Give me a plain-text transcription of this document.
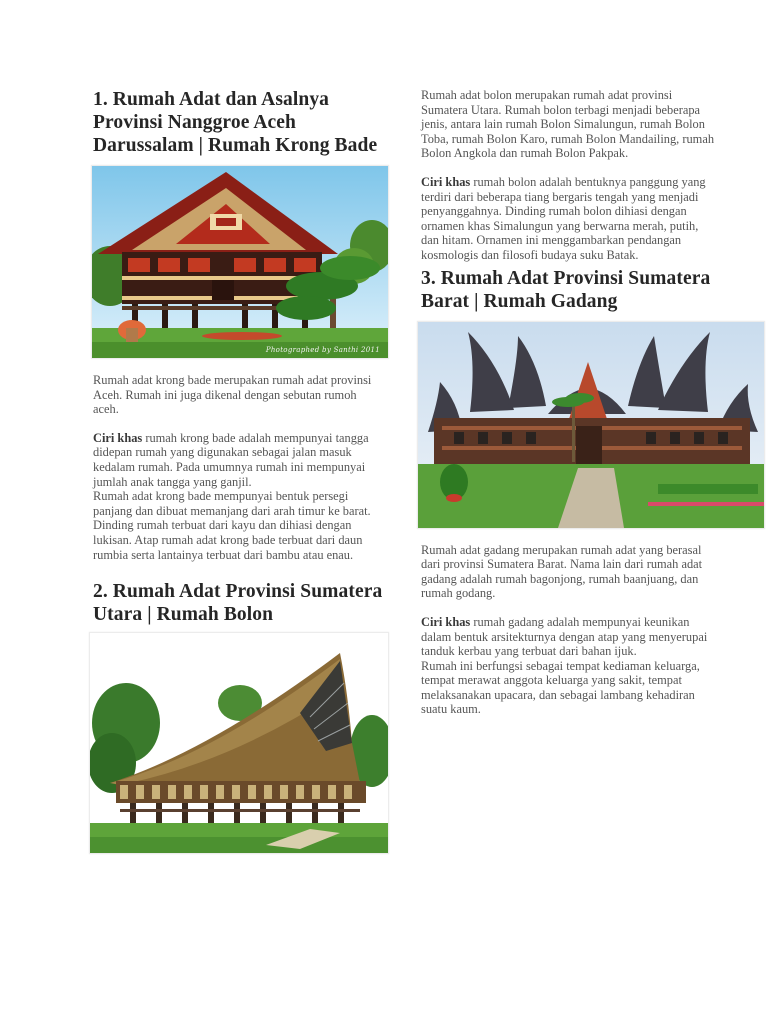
1. Rumah Adat dan Asalnya Provinsi Nanggroe Aceh Darussalam | Rumah Krong Bade
Photographed by Santhi 2011

Rumah adat krong bade merupakan rumah adat provinsi Aceh. Rumah ini juga dikenal dengan sebutan rumoh aceh.

Ciri khas rumah krong bade adalah mempunyai tangga didepan rumah yang digunakan sebagai jalan masuk kedalam rumah. Pada umumnya rumah ini mempunyai jumlah anak tangga yang ganjil.

Rumah adat krong bade mempunyai bentuk persegi panjang dan dibuat memanjang dari arah timur ke barat. Dinding rumah terbuat dari kayu dan dihiasi dengan lukisan. Atap rumah adat krong bade terbuat dari daun rumbia serta lantainya terbuat dari bambu atau enau.

2. Rumah Adat Provinsi Sumatera Utara | Rumah Bolon

Rumah adat bolon merupakan rumah adat provinsi Sumatera Utara. Rumah bolon terbagi menjadi beberapa jenis, antara lain rumah Bolon Simalungun, rumah Bolon Toba, rumah Bolon Karo, rumah Bolon Mandailing, rumah Bolon Angkola dan rumah Bolon Pakpak.

Ciri khas rumah bolon adalah bentuknya panggung yang terdiri dari beberapa tiang bergaris tengah yang menjadi penyanggahnya. Dinding rumah bolon dihiasi dengan ornamen khas Simalungun yang berwarna merah, putih, dan hitam. Ornamen ini menggambarkan pendangan kosmologis dan filosofi budaya suku Batak.

3. Rumah Adat Provinsi Sumatera Barat | Rumah Gadang

Rumah adat gadang merupakan rumah adat yang berasal dari provinsi Sumatera Barat. Nama lain dari rumah adat gadang adalah rumah bagonjong, rumah baanjuang, dan rumah godang.

Ciri khas rumah gadang adalah mempunyai keunikan dalam bentuk arsitekturnya dengan atap yang menyerupai tanduk kerbau yang terbuat dari bahan ijuk.

Rumah ini berfungsi sebagai tempat kediaman keluarga, tempat merawat anggota keluarga yang sakit, tempat melaksanakan upacara, dan sebagai lambang kehadiran suatu kaum.
